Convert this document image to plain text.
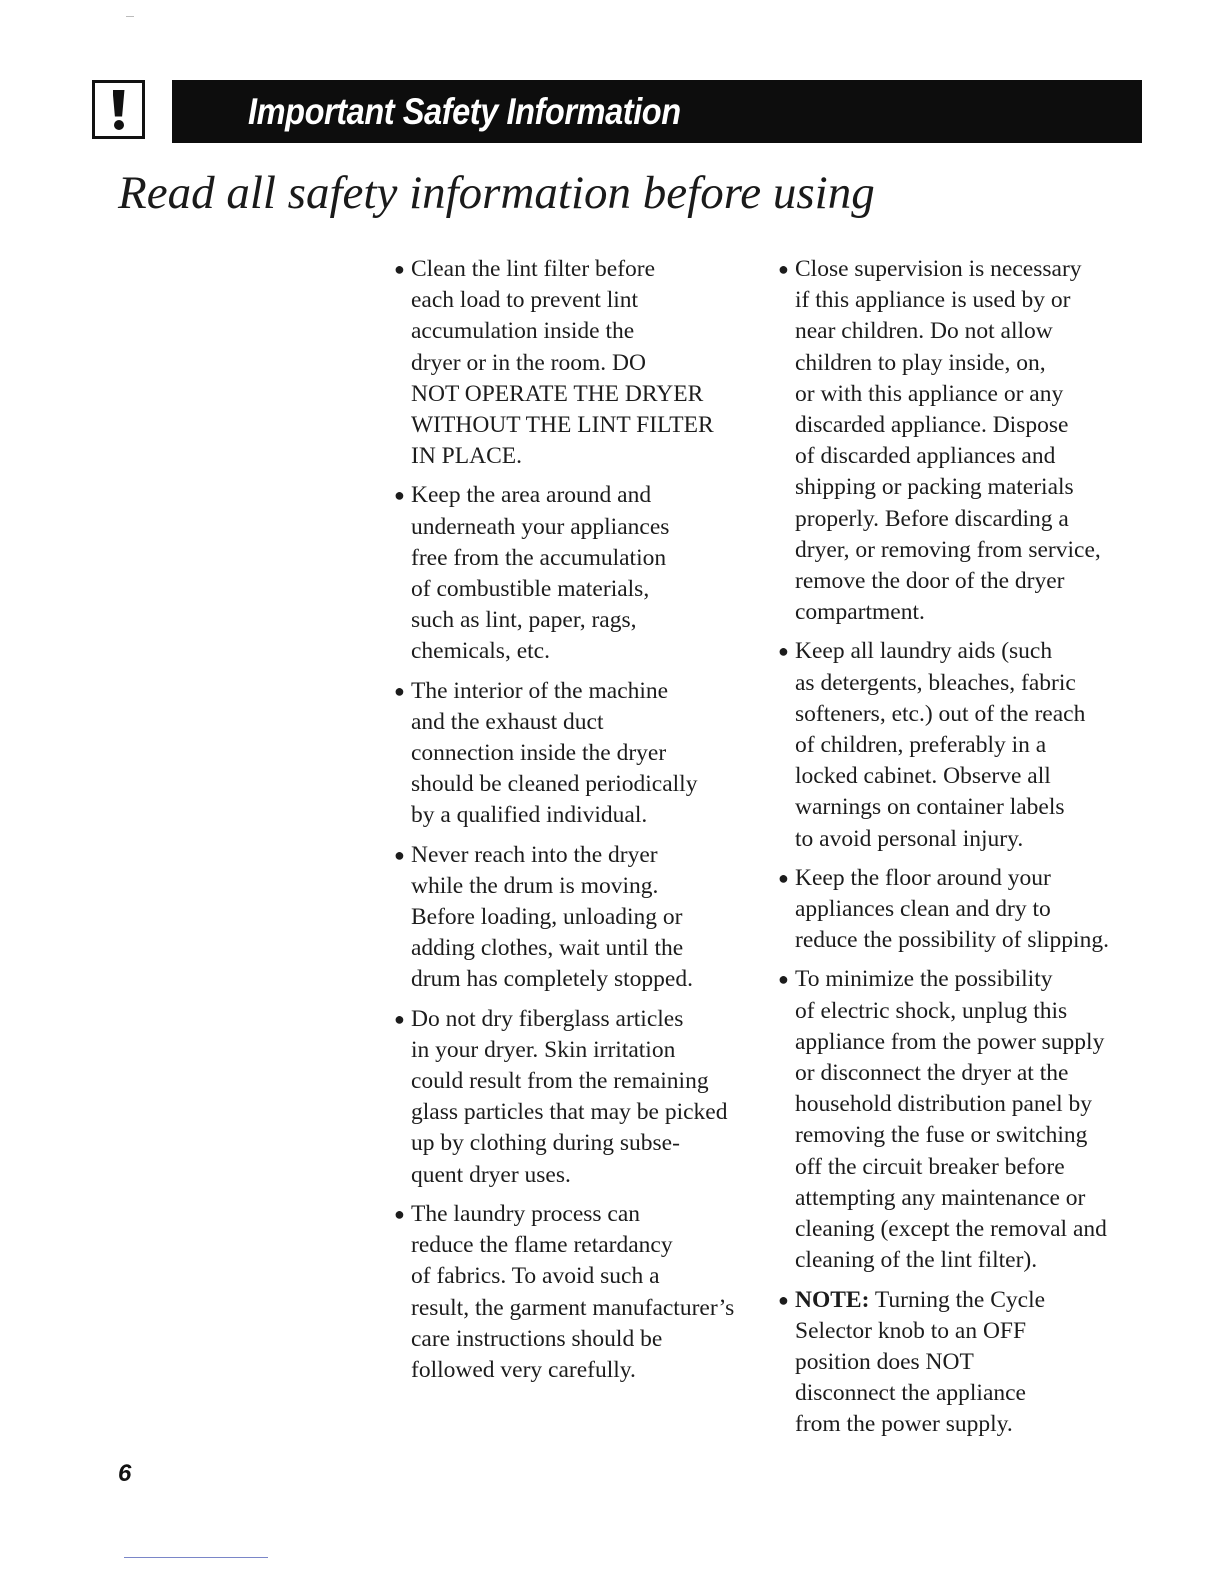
Important Safety Information
Read all safety information before using
● Clean the lint filter before
each load to prevent lint
accumulation inside the
dryer or in the room. DO
NOT OPERATE THE DRYER
WITHOUT THE LINT FILTER
IN PLACE.
● Keep the area around and
underneath your appliances
free from the accumulation
of combustible materials,
such as lint, paper, rags,
chemicals, etc.
● The interior of the machine
and the exhaust duct
connection inside the dryer
should be cleaned periodically
by a qualified individual.
● Never reach into the dryer
while the drum is moving.
Before loading, unloading or
adding clothes, wait until the
drum has completely stopped.
● Do not dry fiberglass articles
in your dryer. Skin irritation
could result from the remaining
glass particles that may be picked
up by clothing during subse-
quent dryer uses.
● The laundry process can
reduce the flame retardancy
of fabrics. To avoid such a
result, the garment manufacturer’s
care instructions should be
followed very carefully.
● Close supervision is necessary
if this appliance is used by or
near children. Do not allow
children to play inside, on,
or with this appliance or any
discarded appliance. Dispose
of discarded appliances and
shipping or packing materials
properly. Before discarding a
dryer, or removing from service,
remove the door of the dryer
compartment.
● Keep all laundry aids (such
as detergents, bleaches, fabric
softeners, etc.) out of the reach
of children, preferably in a
locked cabinet. Observe all
warnings on container labels
to avoid personal injury.
● Keep the floor around your
appliances clean and dry to
reduce the possibility of slipping.
● To minimize the possibility
of electric shock, unplug this
appliance from the power supply
or disconnect the dryer at the
household distribution panel by
removing the fuse or switching
off the circuit breaker before
attempting any maintenance or
cleaning (except the removal and
cleaning of the lint filter).
● NOTE: Turning the Cycle
Selector knob to an OFF
position does NOT
disconnect the appliance
from the power supply.
6
